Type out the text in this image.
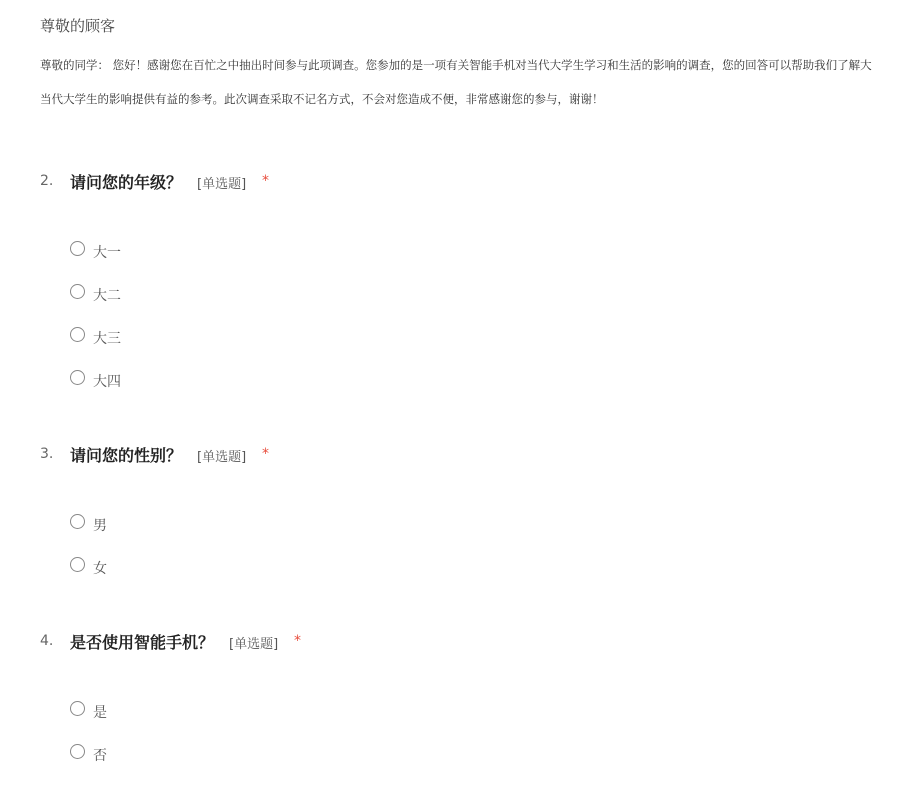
尊敬的顾客
尊敬的同学： 您好！感谢您在百忙之中抽出时间参与此项调查。您参加的是一项有关智能手机对当代大学生学习和生活的影响的调查，您的回答可以帮助我们了解大
当代大学生的影响提供有益的参考。此次调查采取不记名方式，不会对您造成不便，非常感谢您的参与，谢谢！
2. 请问您的年级？ [单选题] *
大一
大二
大三
大四
3. 请问您的性别？ [单选题] *
男
女
4. 是否使用智能手机？ [单选题] *
是
否
